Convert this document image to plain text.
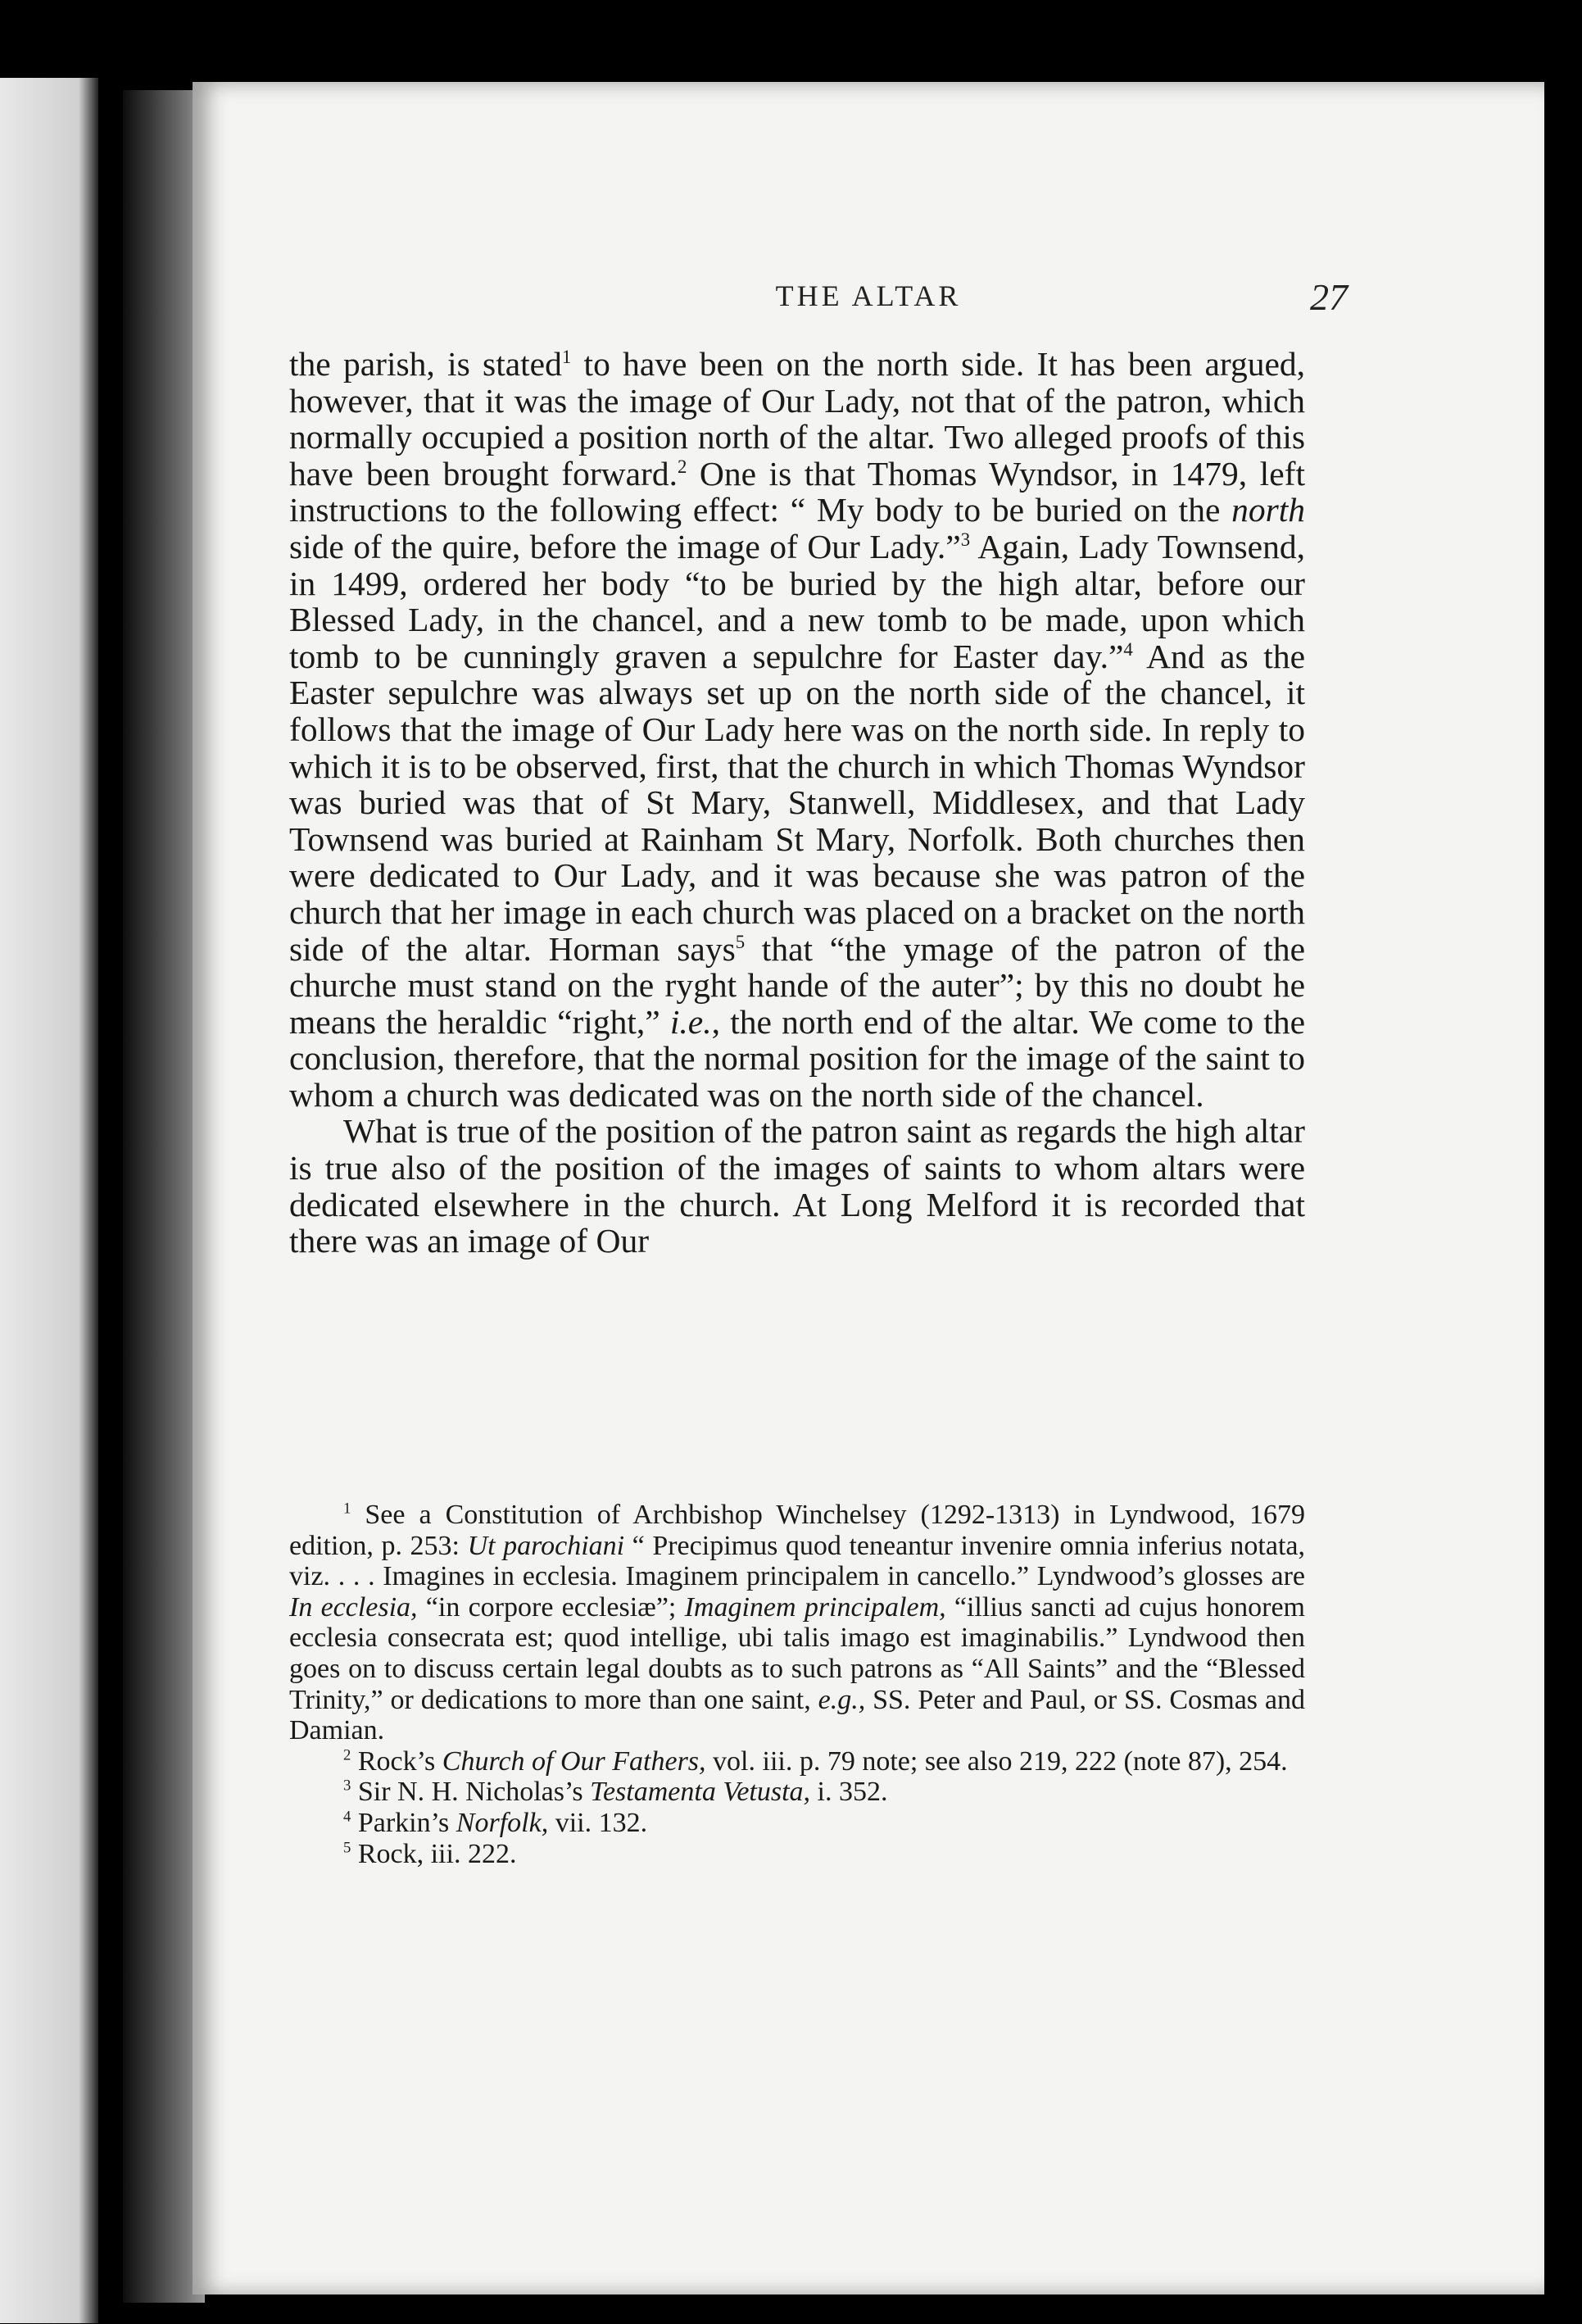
THE ALTAR	27

the parish, is stated$^1$ to have been on the north side. It has been argued, however, that it was the image of Our Lady, not that of the patron, which normally occupied a position north of the altar. Two alleged proofs of this have been brought forward.$^2$ One is that Thomas Wyndsor, in 1479, left instructions to the following effect: “ My body to be buried on the north side of the quire, before the image of Our Lady.”$^3$ Again, Lady Townsend, in 1499, ordered her body “to be buried by the high altar, before our Blessed Lady, in the chancel, and a new tomb to be made, upon which tomb to be cunningly graven a sepulchre for Easter day.”$^4$ And as the Easter sepulchre was always set up on the north side of the chancel, it follows that the image of Our Lady here was on the north side. In reply to which it is to be observed, first, that the church in which Thomas Wyndsor was buried was that of St Mary, Stanwell, Middlesex, and that Lady Townsend was buried at Rainham St Mary, Norfolk. Both churches then were dedicated to Our Lady, and it was because she was patron of the church that her image in each church was placed on a bracket on the north side of the altar. Horman says$^5$ that “the ymage of the patron of the churche must stand on the ryght hande of the auter”; by this no doubt he means the heraldic “right,” i.e., the north end of the altar. We come to the conclusion, therefore, that the normal position for the image of the saint to whom a church was dedicated was on the north side of the chancel.

What is true of the position of the patron saint as regards the high altar is true also of the position of the images of saints to whom altars were dedicated elsewhere in the church. At Long Melford it is recorded that there was an image of Our

$^1$ See a Constitution of Archbishop Winchelsey (1292-1313) in Lyndwood, 1679 edition, p. 253: Ut parochiani “ Precipimus quod teneantur invenire omnia inferius notata, viz. . . . Imagines in ecclesia. Imaginem principalem in cancello.” Lyndwood’s glosses are In ecclesia, “in corpore ecclesiæ”; Imaginem principalem, “illius sancti ad cujus honorem ecclesia consecrata est; quod intellige, ubi talis imago est imaginabilis.” Lyndwood then goes on to discuss certain legal doubts as to such patrons as “All Saints” and the “Blessed Trinity,” or dedications to more than one saint, e.g., SS. Peter and Paul, or SS. Cosmas and Damian.

$^2$ Rock’s Church of Our Fathers, vol. iii. p. 79 note; see also 219, 222 (note 87), 254.

$^3$ Sir N. H. Nicholas’s Testamenta Vetusta, i. 352.

$^4$ Parkin’s Norfolk, vii. 132.

$^5$ Rock, iii. 222.
